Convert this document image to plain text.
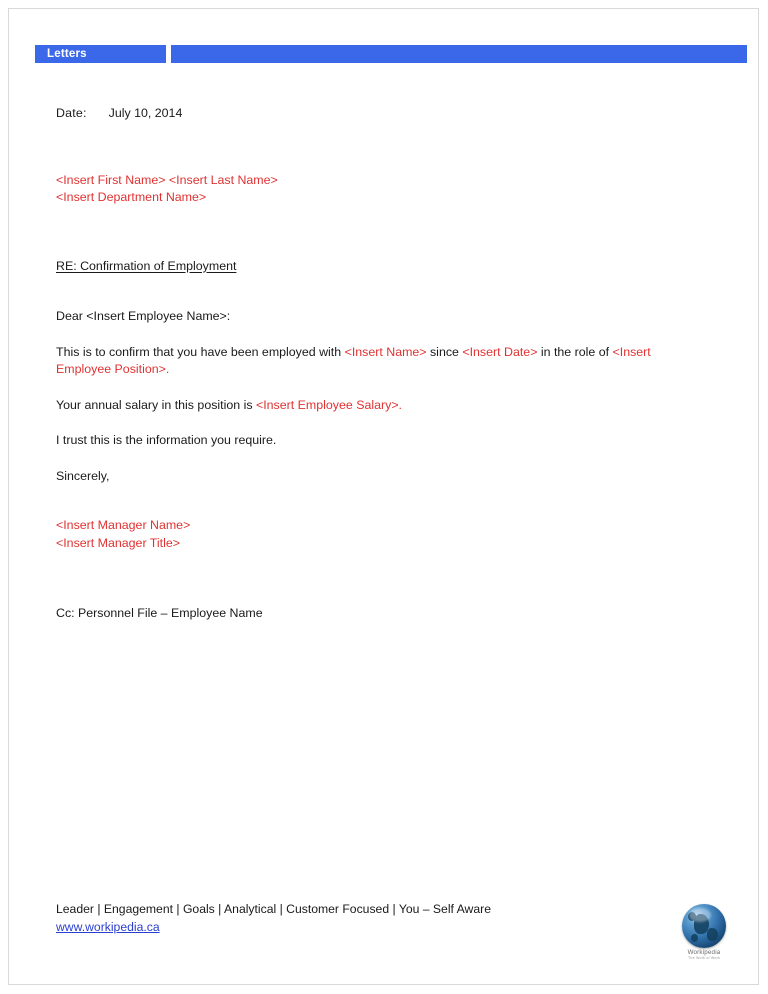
Letters
Date: July 10, 2014
<Insert First Name> <Insert Last Name>
<Insert Department Name>
RE: Confirmation of Employment
Dear <Insert Employee Name>:
This is to confirm that you have been employed with <Insert Name> since <Insert Date> in the role of <Insert Employee Position>.
Your annual salary in this position is <Insert Employee Salary>.
I trust this is the information you require.
Sincerely,
<Insert Manager Name>
<Insert Manager Title>
Cc: Personnel File – Employee Name
Leader | Engagement | Goals | Analytical | Customer Focused | You – Self Aware
www.workipedia.ca
Workipedia
The Work of Work
